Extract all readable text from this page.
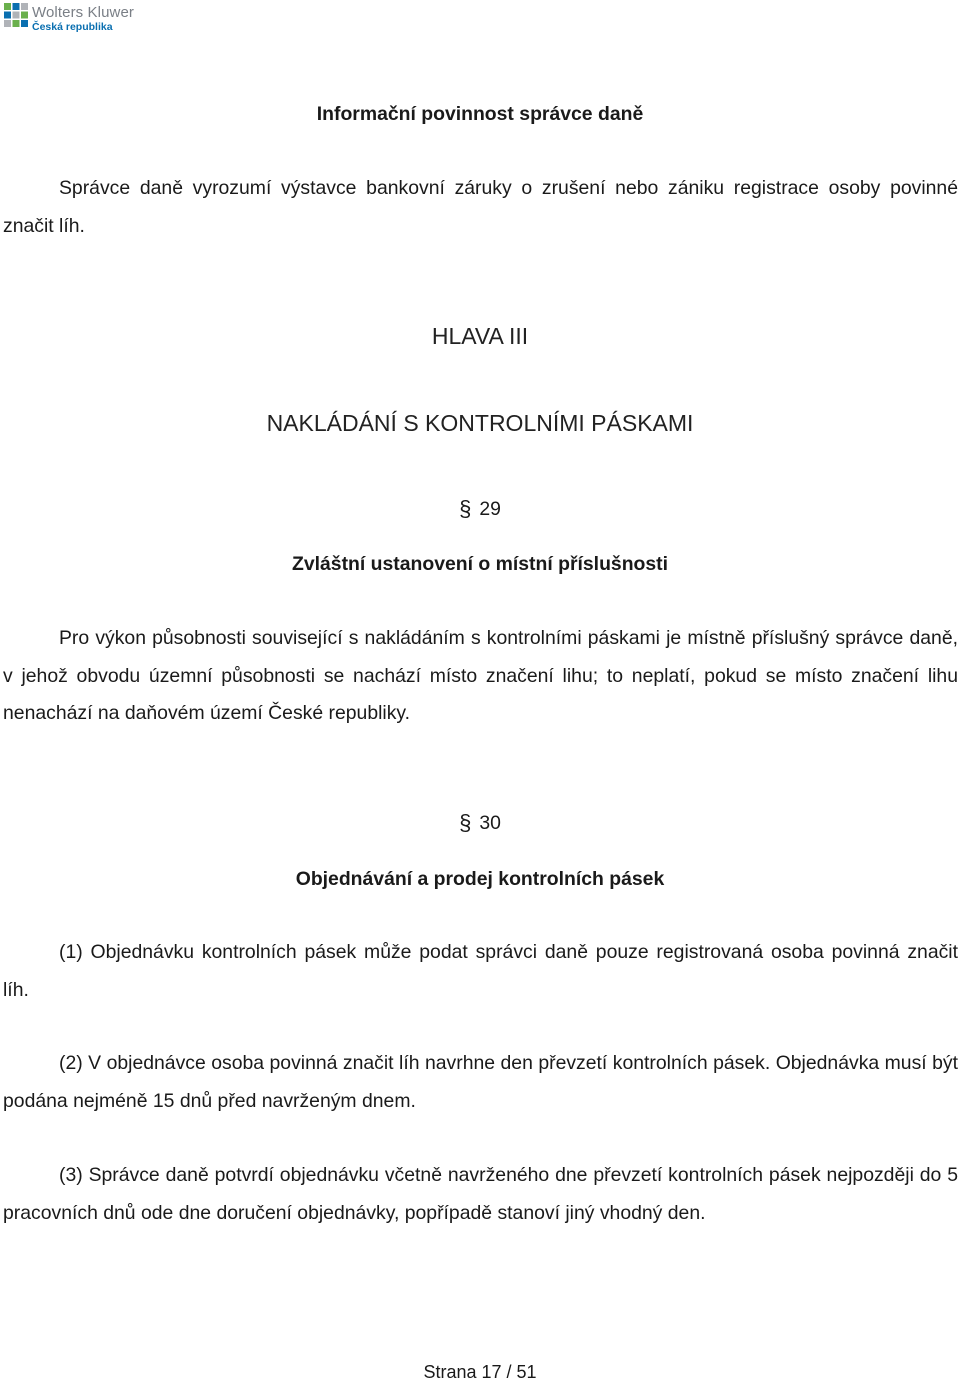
Wolters Kluwer
Česká republika

Informační povinnost správce daně

Správce daně vyrozumí výstavce bankovní záruky o zrušení nebo zániku registrace osoby povinné značit líh.

HLAVA III

NAKLÁDÁNÍ S KONTROLNÍMI PÁSKAMI

§ 29

Zvláštní ustanovení o místní příslušnosti

Pro výkon působnosti související s nakládáním s kontrolními páskami je místně příslušný správce daně, v jehož obvodu územní působnosti se nachází místo značení lihu; to neplatí, pokud se místo značení lihu nenachází na daňovém území České republiky.

§ 30

Objednávání a prodej kontrolních pásek

(1) Objednávku kontrolních pásek může podat správci daně pouze registrovaná osoba povinná značit líh.

(2) V objednávce osoba povinná značit líh navrhne den převzetí kontrolních pásek. Objednávka musí být podána nejméně 15 dnů před navrženým dnem.

(3) Správce daně potvrdí objednávku včetně navrženého dne převzetí kontrolních pásek nejpozději do 5 pracovních dnů ode dne doručení objednávky, popřípadě stanoví jiný vhodný den.

Strana 17 / 51
